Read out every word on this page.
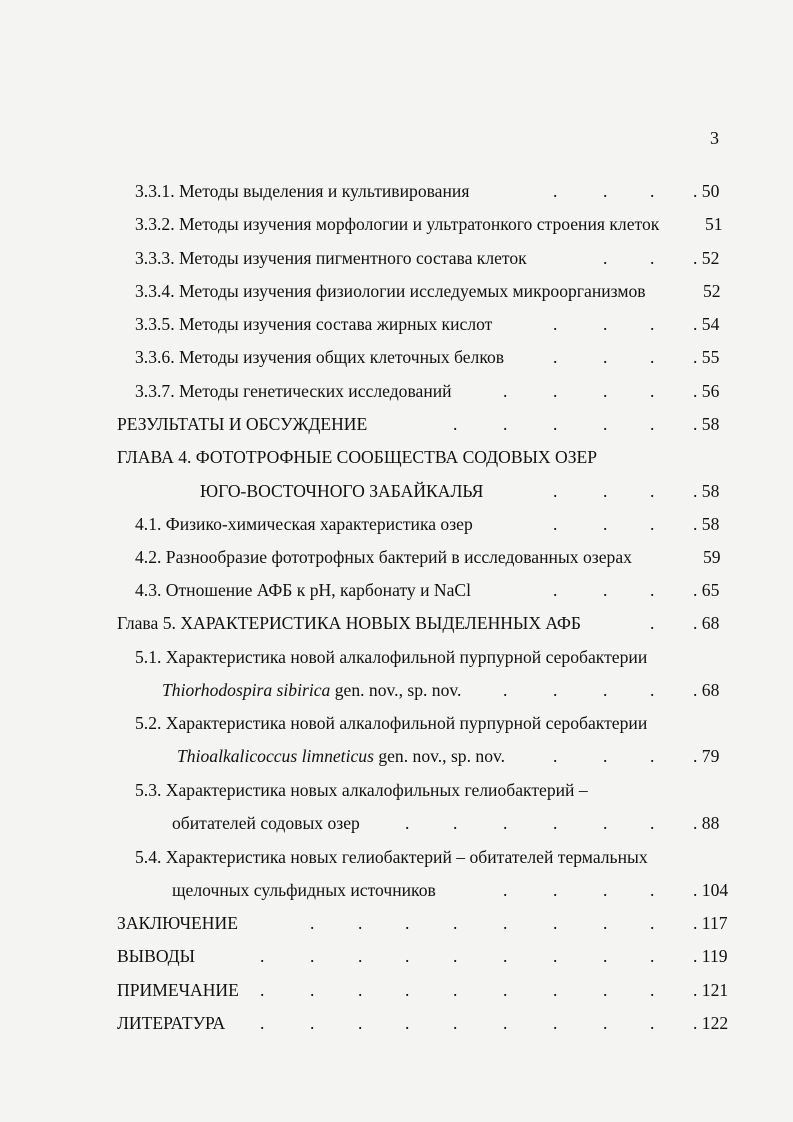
3
3.3.1. Методы выделения и культивирования	. 50
3.3.2. Методы изучения морфологии и ультратонкого строения клеток	51
3.3.3. Методы изучения пигментного состава клеток	. 52
3.3.4. Методы изучения физиологии исследуемых микроорганизмов	52
3.3.5. Методы изучения состава жирных кислот	. 54
3.3.6. Методы изучения общих клеточных белков	. 55
3.3.7. Методы генетических исследований	. 56
РЕЗУЛЬТАТЫ И ОБСУЖДЕНИЕ	. 58
ГЛАВА 4. ФОТОТРОФНЫЕ СООБЩЕСТВА СОДОВЫХ ОЗЕР
ЮГО-ВОСТОЧНОГО ЗАБАЙКАЛЬЯ	. 58
4.1. Физико-химическая характеристика озер	. 58
4.2. Разнообразие фототрофных бактерий в исследованных озерах	59
4.3. Отношение АФБ к pH, карбонату и NaCl	. 65
Глава 5. ХАРАКТЕРИСТИКА НОВЫХ ВЫДЕЛЕННЫХ АФБ	. 68
5.1. Характеристика новой алкалофильной пурпурной серобактерии
Thiorhodospira sibirica gen. nov., sp. nov.	. 68
5.2. Характеристика новой алкалофильной пурпурной серобактерии
Thioalkalicoccus limneticus gen. nov., sp. nov.	. 79
5.3. Характеристика новых алкалофильных гелиобактерий –
обитателей содовых озер	. 88
5.4. Характеристика новых гелиобактерий – обитателей термальных
щелочных сульфидных источников	. 104
ЗАКЛЮЧЕНИЕ	. 117
ВЫВОДЫ	. 119
ПРИМЕЧАНИЕ	. 121
ЛИТЕРАТУРА	. 122
.	. .
. .
.	. .
.	. .
.	.	. .
.	.	.	. .
.	. .
.	. .
.	. .
.
.	.	. .
.	. .
. .	.	.	. .
.	.	. .
. . . .	.	.	. .
.	. . . .	.	.	. .
.	. . . .	.	.	. .
.	. . . .	.	.	. .
